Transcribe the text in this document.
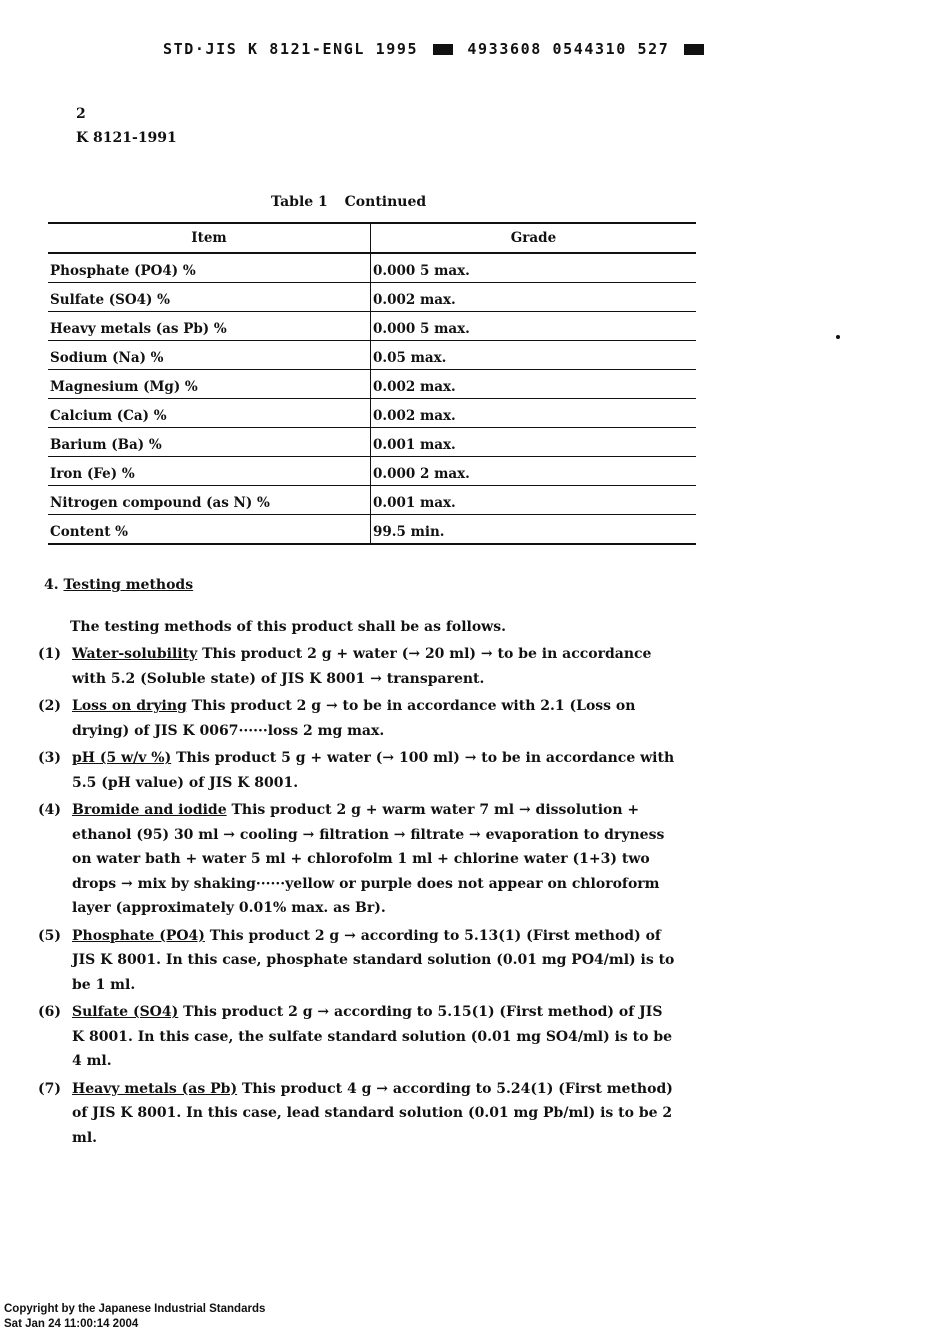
STD·JIS K 8121-ENGL 1995	4933608 0544310 527
2
K 8121-1991
Table 1 Continued
Item	Grade
Phosphate (PO4) %	0.000 5 max.
Sulfate (SO4) %	0.002 max.
Heavy metals (as Pb) %	0.000 5 max.
Sodium (Na) %	0.05 max.
Magnesium (Mg) %	0.002 max.
Calcium (Ca) %	0.002 max.
Barium (Ba) %	0.001 max.
Iron (Fe) %	0.000 2 max.
Nitrogen compound (as N) %	0.001 max.
Content %	99.5 min.
4. Testing methods
The testing methods of this product shall be as follows.
(1) Water-solubility This product 2 g + water (→ 20 ml) → to be in accordance with 5.2 (Soluble state) of JIS K 8001 → transparent.
(2) Loss on drying This product 2 g → to be in accordance with 2.1 (Loss on drying) of JIS K 0067······loss 2 mg max.
(3) pH (5 w/v %) This product 5 g + water (→ 100 ml) → to be in accordance with 5.5 (pH value) of JIS K 8001.
(4) Bromide and iodide This product 2 g + warm water 7 ml → dissolution + ethanol (95) 30 ml → cooling → filtration → filtrate → evaporation to dryness on water bath + water 5 ml + chlorofolm 1 ml + chlorine water (1+3) two drops → mix by shaking······yellow or purple does not appear on chloroform layer (approximately 0.01% max. as Br).
(5) Phosphate (PO4) This product 2 g → according to 5.13(1) (First method) of JIS K 8001. In this case, phosphate standard solution (0.01 mg PO4/ml) is to be 1 ml.
(6) Sulfate (SO4) This product 2 g → according to 5.15(1) (First method) of JIS K 8001. In this case, the sulfate standard solution (0.01 mg SO4/ml) is to be 4 ml.
(7) Heavy metals (as Pb) This product 4 g → according to 5.24(1) (First method) of JIS K 8001. In this case, lead standard solution (0.01 mg Pb/ml) is to be 2 ml.
Copyright by the Japanese Industrial Standards
Sat Jan 24 11:00:14 2004
